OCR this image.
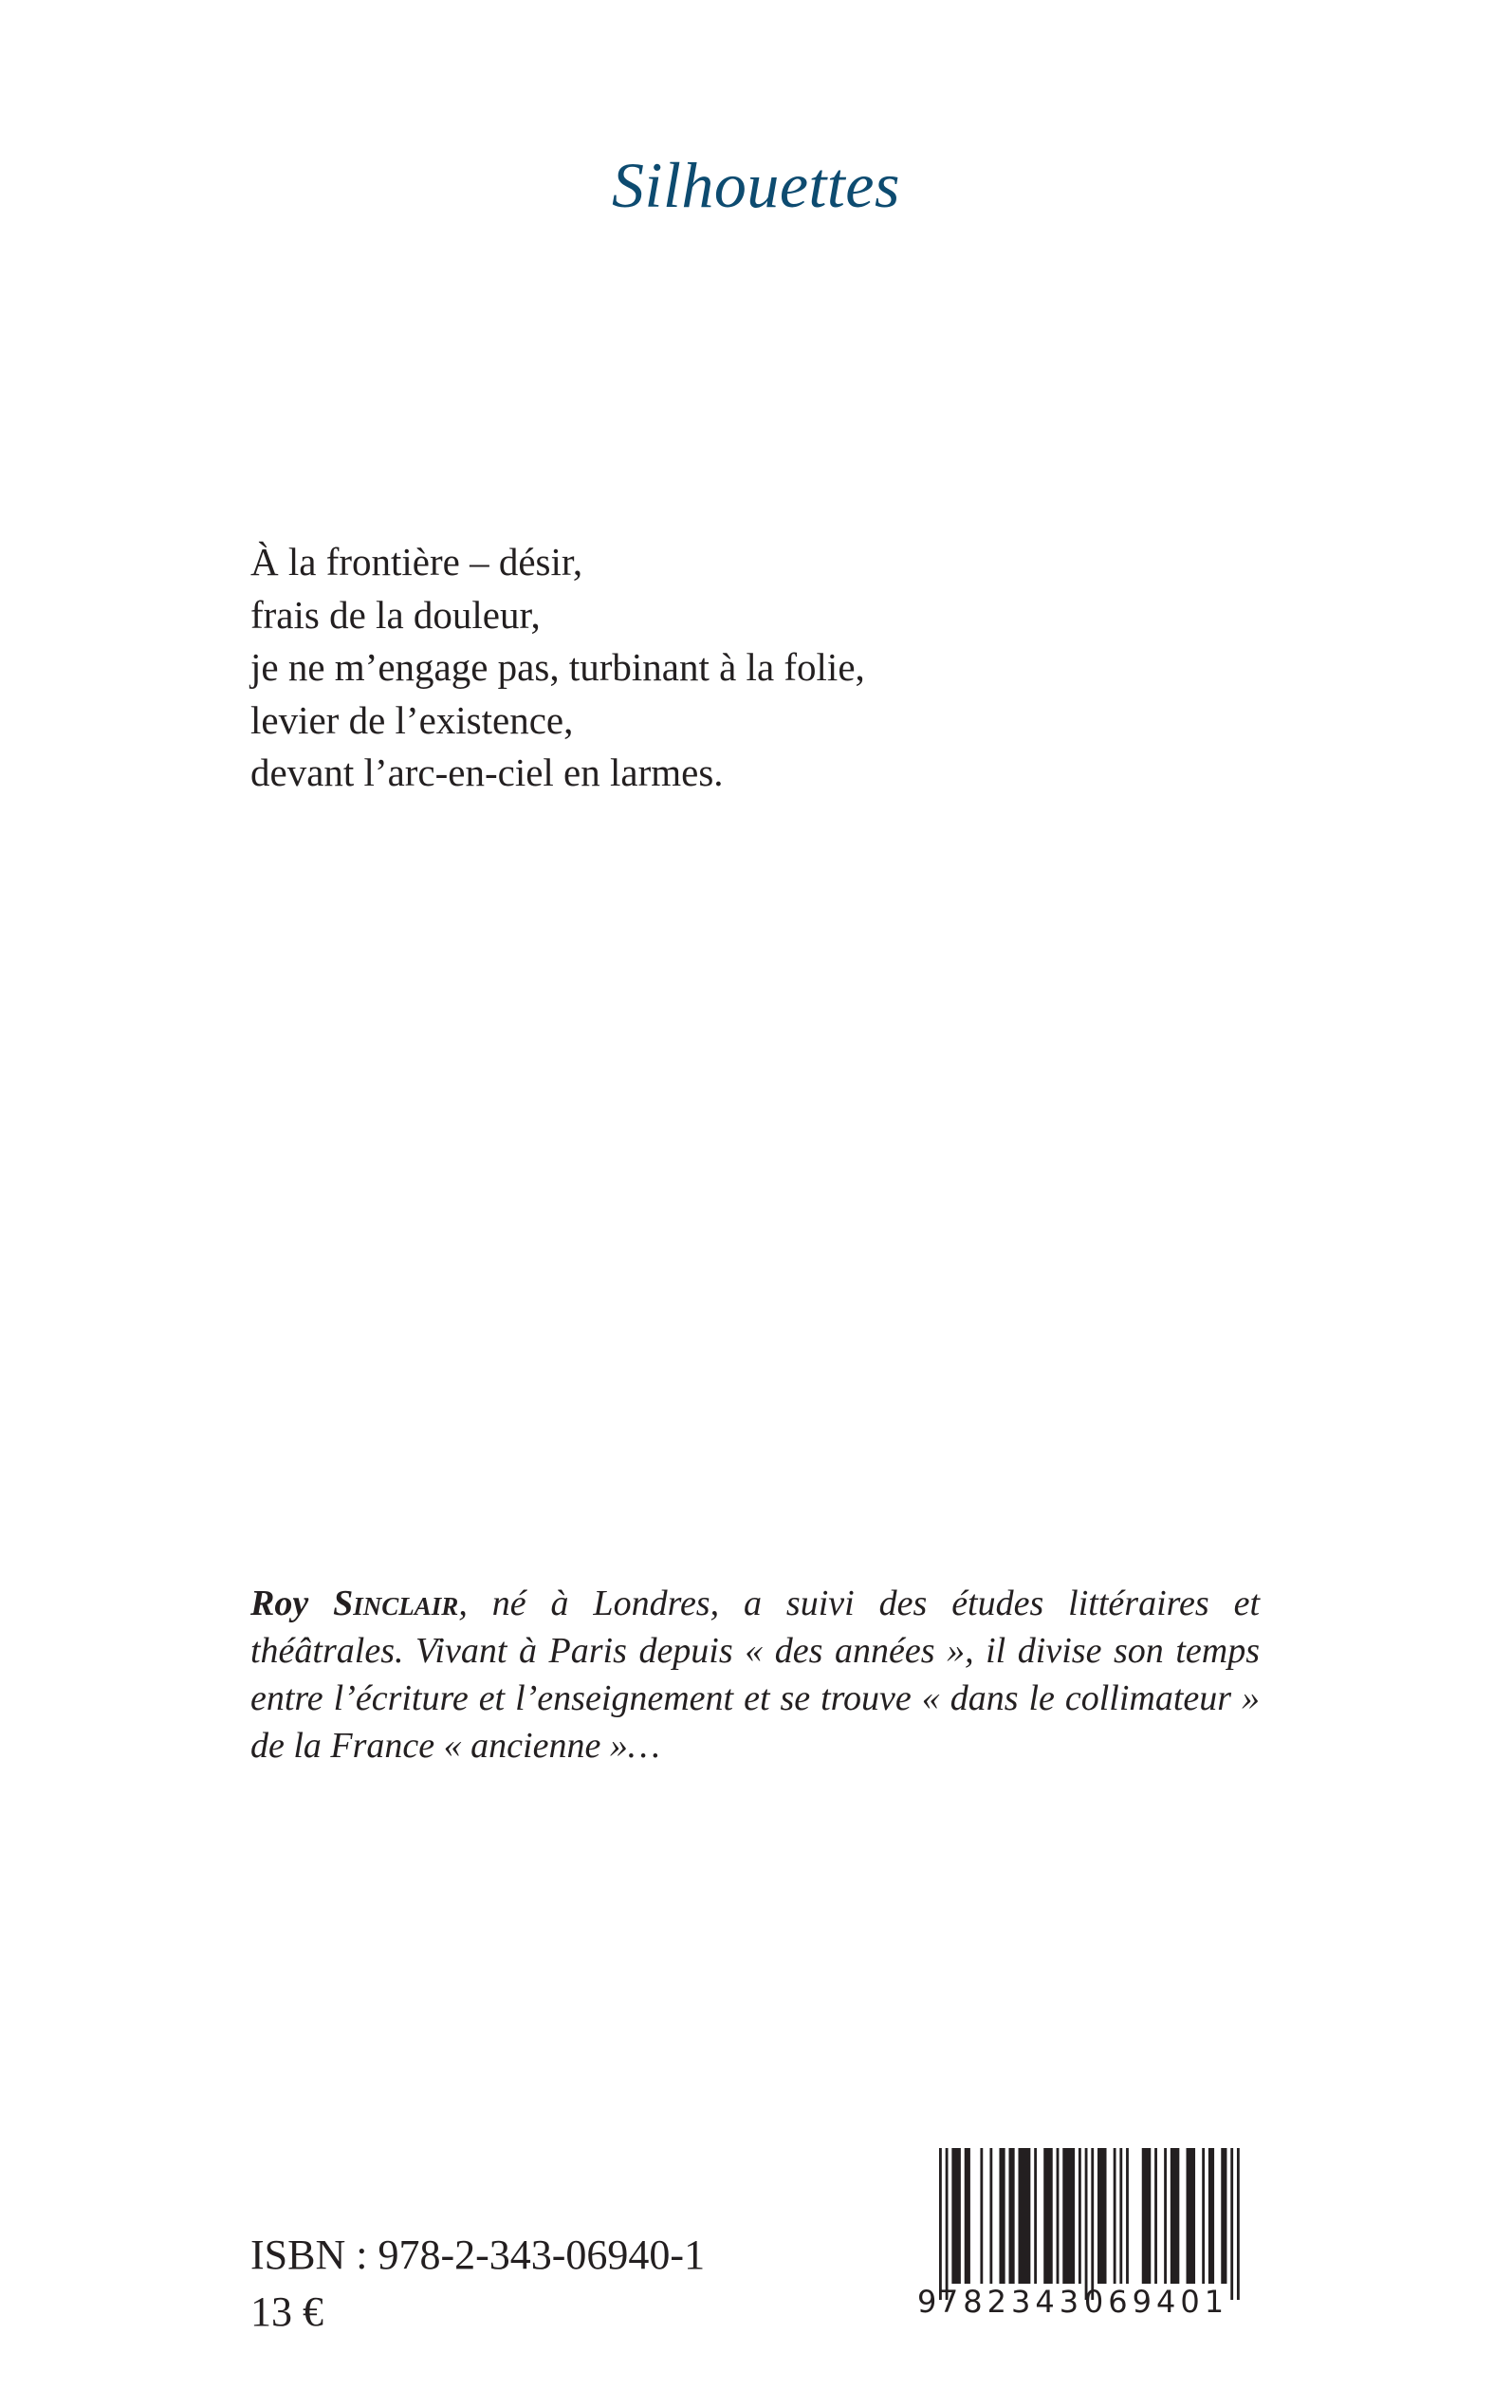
Silhouettes
À la frontière – désir,
frais de la douleur,
je ne m’engage pas, turbinant à la folie,
levier de l’existence,
devant l’arc-en-ciel en larmes.

Roy Sinclair, né à Londres, a suivi des études littéraires et théâtrales. Vivant à Paris depuis « des années », il divise son temps entre l’écriture et l’enseignement et se trouve « dans le collimateur » de la France « ancienne »…

ISBN : 978-2-343-06940-1
13 €	9 782343 069401
